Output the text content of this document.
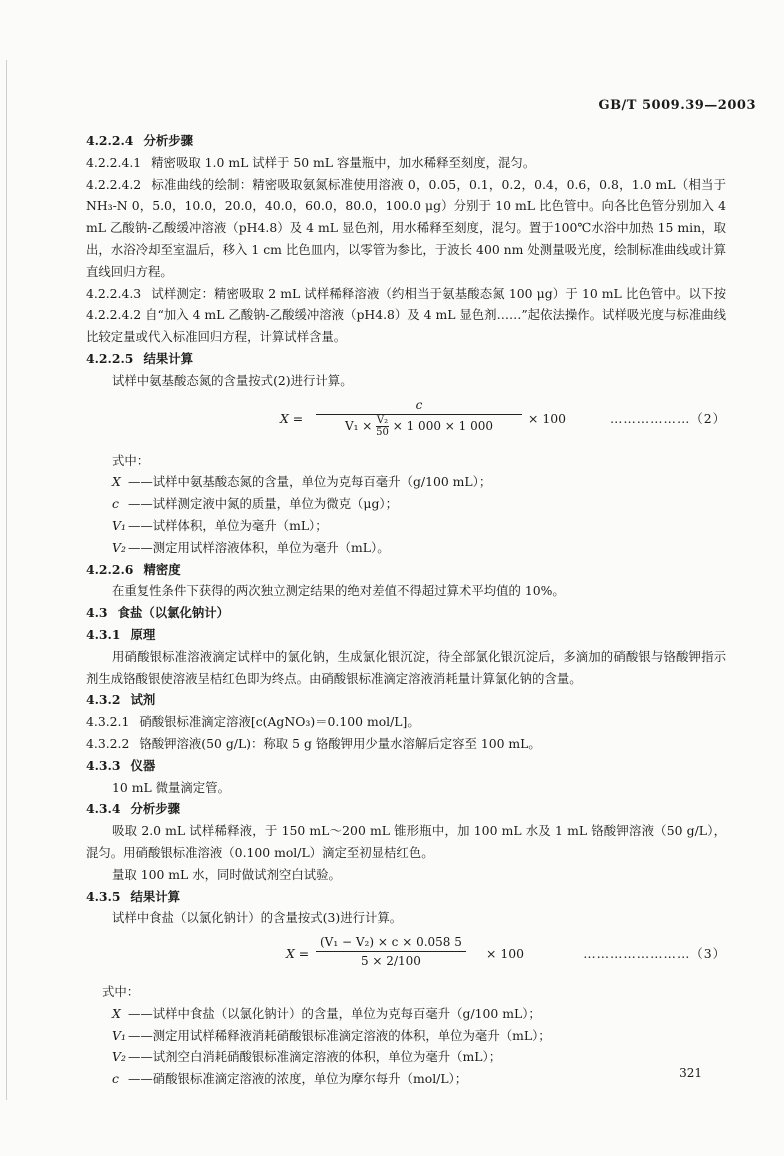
GB/T 5009.39—2003

4.2.2.4 分析步骤

4.2.2.4.1 精密吸取 1.0 mL 试样于 50 mL 容量瓶中，加水稀释至刻度，混匀。

4.2.2.4.2 标准曲线的绘制：精密吸取氨氮标准使用溶液 0，0.05，0.1，0.2，0.4，0.6，0.8，1.0 mL（相当于 NH₃-N 0，5.0，10.0，20.0，40.0，60.0，80.0，100.0 μg）分别于 10 mL 比色管中。向各比色管分别加入 4 mL 乙酸钠-乙酸缓冲溶液（pH4.8）及 4 mL 显色剂，用水稀释至刻度，混匀。置于100℃水浴中加热 15 min，取出，水浴冷却至室温后，移入 1 cm 比色皿内，以零管为参比，于波长 400 nm 处测量吸光度，绘制标准曲线或计算直线回归方程。

4.2.2.4.3 试样测定：精密吸取 2 mL 试样稀释溶液（约相当于氨基酸态氮 100 μg）于 10 mL 比色管中。以下按 4.2.2.4.2 自“加入 4 mL 乙酸钠-乙酸缓冲溶液（pH4.8）及 4 mL 显色剂……”起依法操作。试样吸光度与标准曲线比较定量或代入标准回归方程，计算试样含量。

4.2.2.5 结果计算

试样中氨基酸态氮的含量按式(2)进行计算。

X =
c
$V_1 \times \frac{\text{V₂}}{50} \times 1$ 000 × 1 000	× 100	………………（2）

式中：

X ——试样中氨基酸态氮的含量，单位为克每百毫升（g/100 mL）；

c ——试样测定液中氮的质量，单位为微克（μg）；

V₁ ——试样体积，单位为毫升（mL）；

V₂ ——测定用试样溶液体积，单位为毫升（mL）。

4.2.2.6 精密度

在重复性条件下获得的两次独立测定结果的绝对差值不得超过算术平均值的 10%。

4.3 食盐（以氯化钠计）

4.3.1 原理

用硝酸银标准溶液滴定试样中的氯化钠，生成氯化银沉淀，待全部氯化银沉淀后，多滴加的硝酸银与铬酸钾指示剂生成铬酸银使溶液呈桔红色即为终点。由硝酸银标准滴定溶液消耗量计算氯化钠的含量。

4.3.2 试剂

4.3.2.1 硝酸银标准滴定溶液[c(AgNO₃)＝0.100 mol/L]。

4.3.2.2 铬酸钾溶液(50 g/L)：称取 5 g 铬酸钾用少量水溶解后定容至 100 mL。

4.3.3 仪器

10 mL 微量滴定管。

4.3.4 分析步骤

吸取 2.0 mL 试样稀释液，于 150 mL～200 mL 锥形瓶中，加 100 mL 水及 1 mL 铬酸钾溶液（50 g/L），混匀。用硝酸银标准溶液（0.100 mol/L）滴定至初显桔红色。

量取 100 mL 水，同时做试剂空白试验。

4.3.5 结果计算

试样中食盐（以氯化钠计）的含量按式(3)进行计算。

$X = \frac{\text{(V₁ − V₂) × c × 0.058 5}}{5 \times 2/100} \times 100$	……………………（3）

式中：

X ——试样中食盐（以氯化钠计）的含量，单位为克每百毫升（g/100 mL）；

V₁ ——测定用试样稀释液消耗硝酸银标准滴定溶液的体积，单位为毫升（mL）；

V₂ ——试剂空白消耗硝酸银标准滴定溶液的体积，单位为毫升（mL）；

c ——硝酸银标准滴定溶液的浓度，单位为摩尔每升（mol/L）；	321
